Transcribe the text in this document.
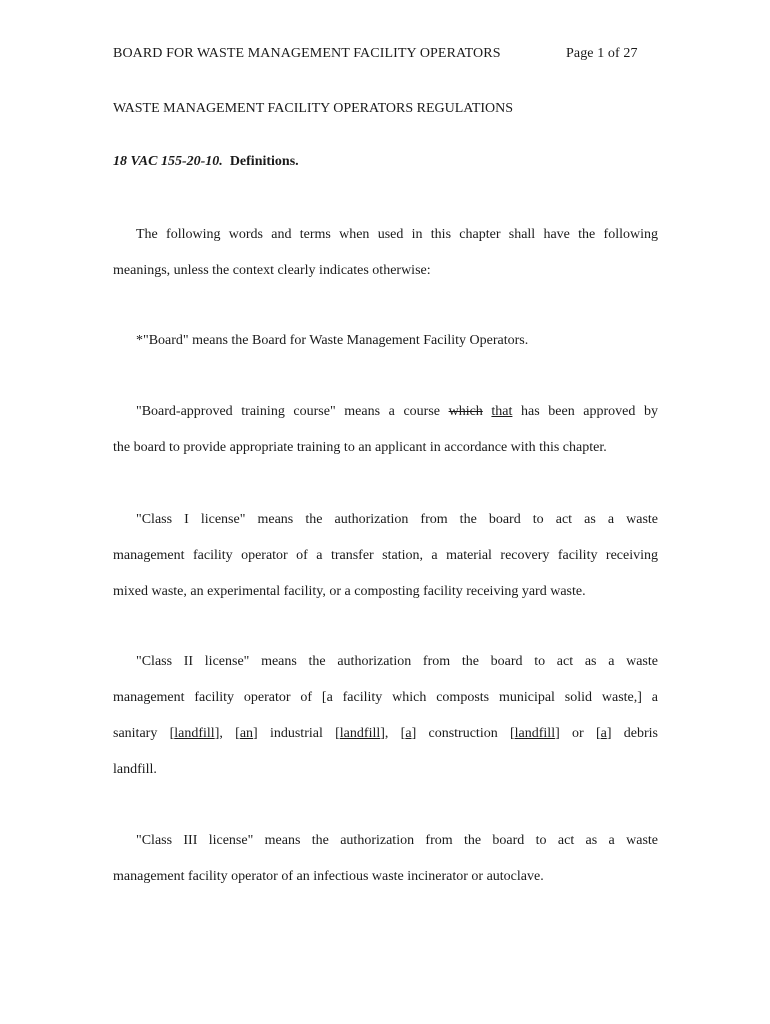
BOARD FOR WASTE MANAGEMENT FACILITY OPERATORS	Page 1 of 27
WASTE MANAGEMENT FACILITY OPERATORS REGULATIONS
18 VAC 155-20-10. Definitions.
The following words and terms when used in this chapter shall have the following
meanings, unless the context clearly indicates otherwise:
*"Board" means the Board for Waste Management Facility Operators.
"Board-approved training course" means a course which that has been approved by
the board to provide appropriate training to an applicant in accordance with this chapter.
"Class I license" means the authorization from the board to act as a waste
management facility operator of a transfer station, a material recovery facility receiving
mixed waste, an experimental facility, or a composting facility receiving yard waste.
"Class II license" means the authorization from the board to act as a waste
management facility operator of [a facility which composts municipal solid waste,] a
sanitary [landfill], [an] industrial [landfill], [a] construction [landfill] or [a] debris
landfill.
"Class III license" means the authorization from the board to act as a waste
management facility operator of an infectious waste incinerator or autoclave.
